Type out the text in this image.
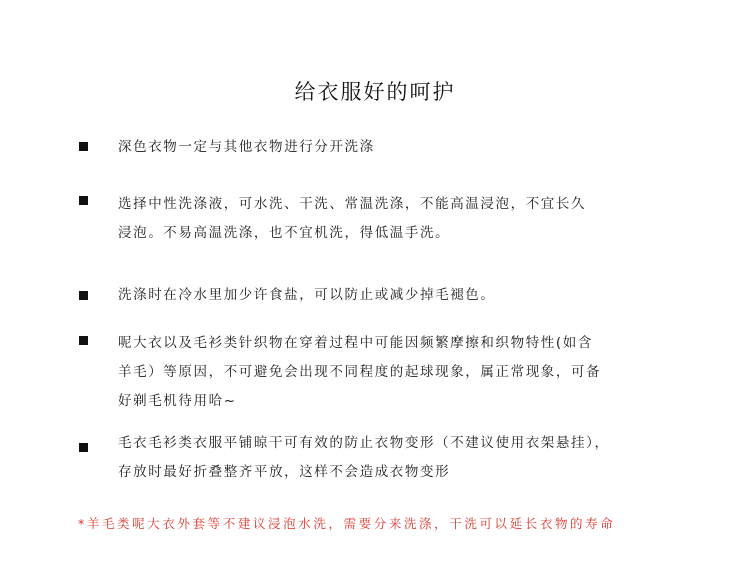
给衣服好的呵护
深色衣物一定与其他衣物进行分开洗涤
选择中性洗涤液，可水洗、干洗、常温洗涤，不能高温浸泡，不宜长久
浸泡。不易高温洗涤，也不宜机洗，得低温手洗。
洗涤时在冷水里加少许食盐，可以防止或减少掉毛褪色。
呢大衣以及毛衫类针织物在穿着过程中可能因频繁摩擦和织物特性(如含
羊毛）等原因，不可避免会出现不同程度的起球现象，属正常现象，可备
好剃毛机待用哈~
毛衣毛衫类衣服平铺晾干可有效的防止衣物变形（不建议使用衣架悬挂），
存放时最好折叠整齐平放，这样不会造成衣物变形
*羊毛类呢大衣外套等不建议浸泡水洗，需要分来洗涤，干洗可以延长衣物的寿命
